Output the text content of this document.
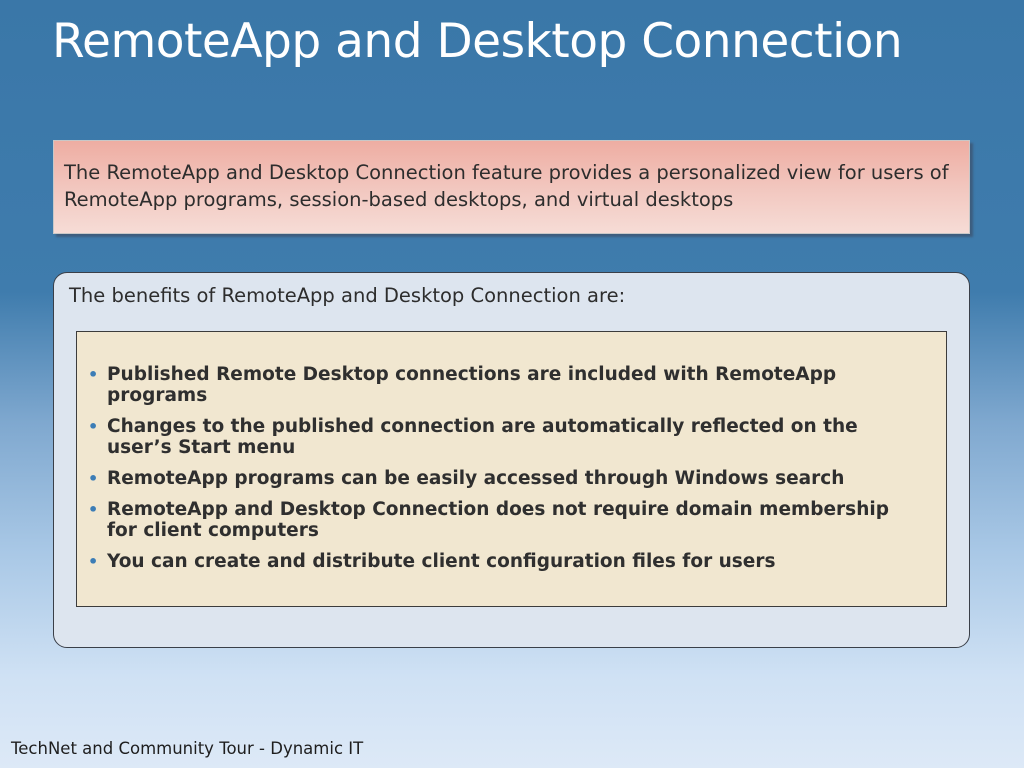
RemoteApp and Desktop Connection

The RemoteApp and Desktop Connection feature provides a personalized view for users of RemoteApp programs, session-based desktops, and virtual desktops

The benefits of RemoteApp and Desktop Connection are:
• Published Remote Desktop connections are included with RemoteApp programs
• Changes to the published connection are automatically reflected on the user’s Start menu
• RemoteApp programs can be easily accessed through Windows search
• RemoteApp and Desktop Connection does not require domain membership for client computers
• You can create and distribute client configuration files for users

TechNet and Community Tour - Dynamic IT
